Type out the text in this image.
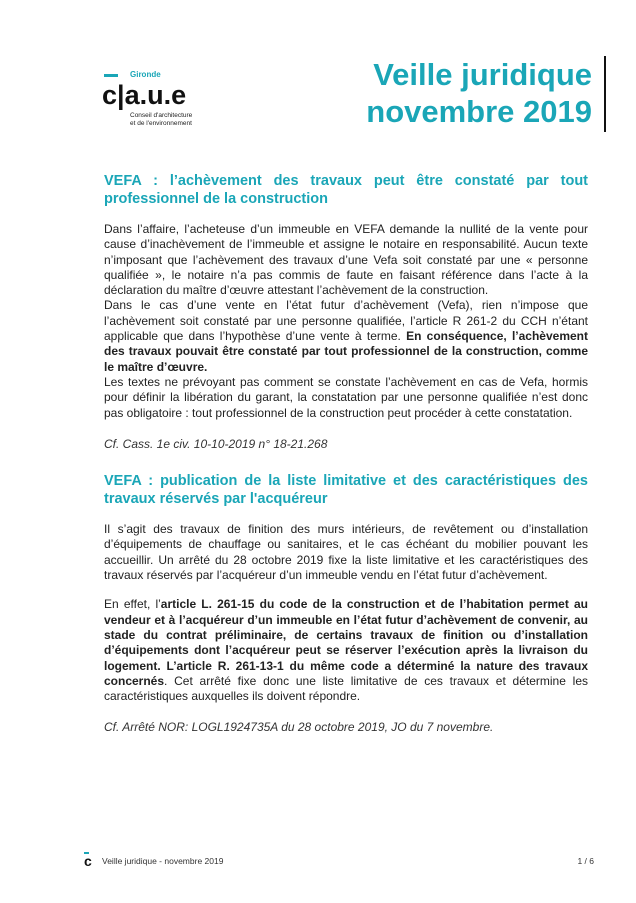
Gironde
c|a.u.e
Conseil d'architecture
et de l'environnement
Veille juridique
novembre 2019
VEFA : l’achèvement des travaux peut être constaté par tout professionnel de la construction

Dans l’affaire, l’acheteuse d’un immeuble en VEFA demande la nullité de la vente pour cause d’inachèvement de l’immeuble et assigne le notaire en responsabilité. Aucun texte n’imposant que l’achèvement des travaux d’une Vefa soit constaté par une « personne qualifiée », le notaire n’a pas commis de faute en faisant référence dans l’acte à la déclaration du maître d’œuvre attestant l’achèvement de la construction.

Dans le cas d’une vente en l’état futur d’achèvement (Vefa), rien n’impose que l’achèvement soit constaté par une personne qualifiée, l’article R 261-2 du CCH n’étant applicable que dans l’hypothèse d’une vente à terme. En conséquence, l’achèvement des travaux pouvait être constaté par tout professionnel de la construction, comme le maître d’œuvre.

Les textes ne prévoyant pas comment se constate l’achèvement en cas de Vefa, hormis pour définir la libération du garant, la constatation par une personne qualifiée n’est donc pas obligatoire : tout professionnel de la construction peut procéder à cette constatation.

Cf. Cass. 1e civ. 10-10-2019 n° 18-21.268

VEFA : publication de la liste limitative et des caractéristiques des travaux réservés par l'acquéreur

Il s’agit des travaux de finition des murs intérieurs, de revêtement ou d’installation d’équipements de chauffage ou sanitaires, et le cas échéant du mobilier pouvant les accueillir. Un arrêté du 28 octobre 2019 fixe la liste limitative et les caractéristiques des travaux réservés par l’acquéreur d’un immeuble vendu en l’état futur d’achèvement.

En effet, l’article L. 261-15 du code de la construction et de l’habitation permet au vendeur et à l’acquéreur d’un immeuble en l’état futur d’achèvement de convenir, au stade du contrat préliminaire, de certains travaux de finition ou d’installation d’équipements dont l’acquéreur peut se réserver l’exécution après la livraison du logement. L’article R. 261-13-1 du même code a déterminé la nature des travaux concernés. Cet arrêté fixe donc une liste limitative de ces travaux et détermine les caractéristiques auxquelles ils doivent répondre.

Cf. Arrêté NOR: LOGL1924735A du 28 octobre 2019, JO du 7 novembre.

c Veille juridique - novembre 2019	1 / 6
